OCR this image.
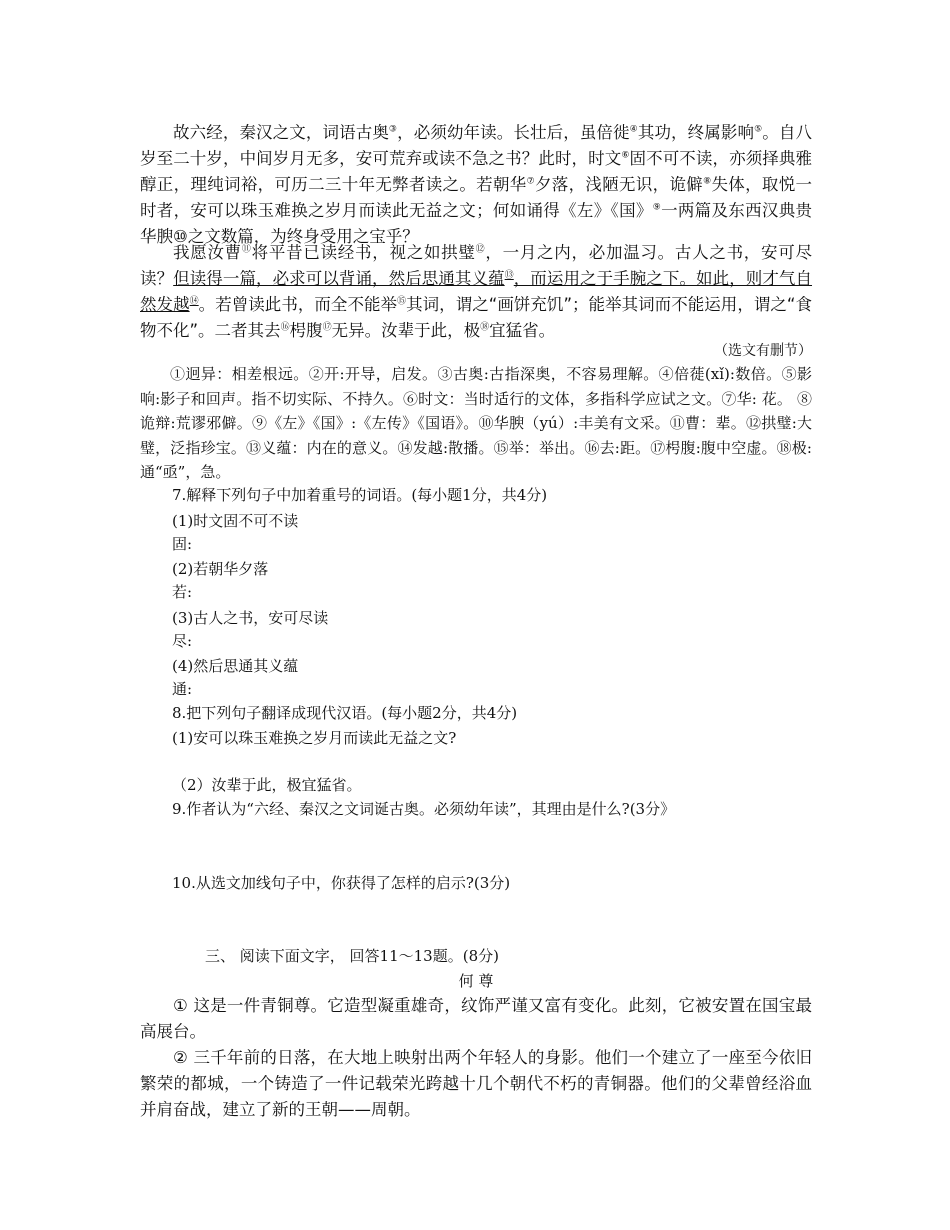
故六经，秦汉之文，词语古奥③，必须幼年读。长壮后，虽倍徙④其功，终属影响⑤。自八岁至二十岁，中间岁月无多，安可荒弃或读不急之书？此时，时文⑥固不可不读，亦须择典雅醇正，理纯词裕，可历二三十年无弊者读之。若朝华⑦夕落，浅陋无识，诡僻⑧失体，取悦一时者，安可以珠玉难换之岁月而读此无益之文；何如诵得《左》《国》⑨一两篇及东西汉典贵华腴⑩之文数篇，为终身受用之宝乎？

我愿汝曹⑪将平昔已读经书，视之如拱璧⑫，一月之内，必加温习。古人之书，安可尽读？但读得一篇，必求可以背诵，然后思通其义蕴⑬，而运用之于手腕之下。如此，则才气自然发越⑭。若曾读此书，而全不能举⑮其词，谓之“画饼充饥”；能举其词而不能运用，谓之“食物不化”。二者其去⑯枵腹⑰无异。汝辈于此，极⑱宜猛省。

（选文有删节）

①迥异：相差根远。②开:开导，启发。③古奥:古指深奥，不容易理解。④倍蓰(xǐ):数倍。⑤影响:影子和回声。指不切实际、不持久。⑥时文：当时适行的文体，多指科学应试之文。⑦华: 花。 ⑧诡辩:荒谬邪僻。⑨《左》《国》:《左传》《国语》。⑩华腴（yú）:丰美有文采。⑪曹：辈。⑫拱璧:大璧，泛指珍宝。⑬义蕴：内在的意义。⑭发越:散播。⑮举：举出。⑯去:距。⑰枵腹:腹中空虚。⑱极:通“亟”，急。

7.解释下列句子中加着重号的词语。(每小题1分，共4分)
(1)时文固不可不读
固:
(2)若朝华夕落
若:
(3)古人之书，安可尽读
尽:
(4)然后思通其义蕴
通:
8.把下列句子翻译成现代汉语。(每小题2分，共4分)
(1)安可以珠玉难换之岁月而读此无益之文?
（2）汝辈于此，极宜猛省。
9.作者认为“六经、秦汉之文词诞古奥。必须幼年读”，其理由是什么?(3分》
10.从选文加线句子中，你获得了怎样的启示?(3分)
三、 阅读下面文字， 回答11～13题。(8分)
何 尊

① 这是一件青铜尊。它造型凝重雄奇，纹饰严谨又富有变化。此刻，它被安置在国宝最高展台。

② 三千年前的日落，在大地上映射出两个年轻人的身影。他们一个建立了一座至今依旧繁荣的都城，一个铸造了一件记载荣光跨越十几个朝代不朽的青铜器。他们的父辈曾经浴血并肩奋战，建立了新的王朝——周朝。
